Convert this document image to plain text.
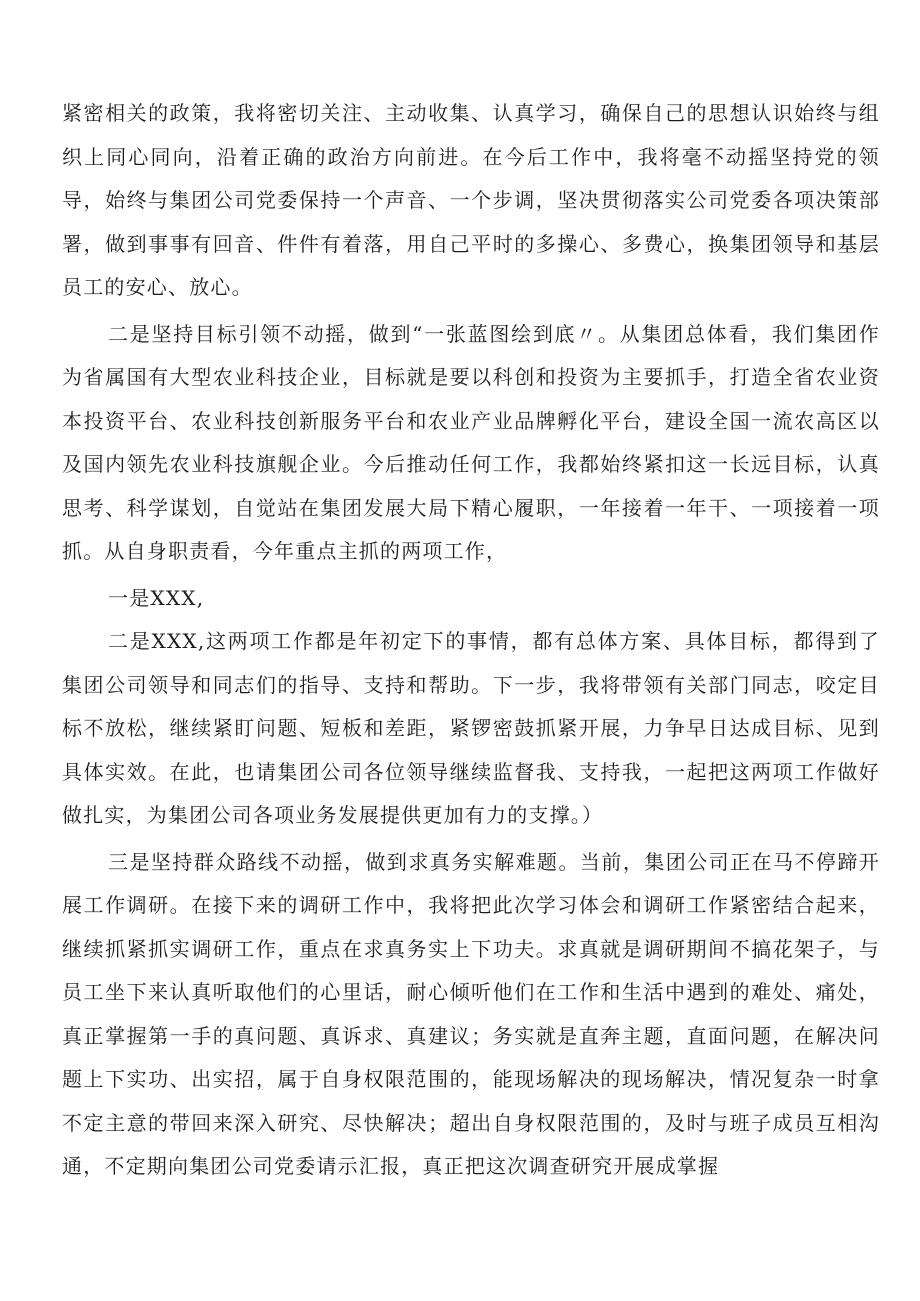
紧密相关的政策，我将密切关注、主动收集、认真学习，确保自己的思想认识始终与组织上同心同向，沿着正确的政治方向前进。在今后工作中，我将毫不动摇坚持党的领导，始终与集团公司党委保持一个声音、一个步调，坚决贯彻落实公司党委各项决策部署，做到事事有回音、件件有着落，用自己平时的多操心、多费心，换集团领导和基层员工的安心、放心。

二是坚持目标引领不动摇，做到“一张蓝图绘到底〃。从集团总体看，我们集团作为省属国有大型农业科技企业，目标就是要以科创和投资为主要抓手，打造全省农业资本投资平台、农业科技创新服务平台和农业产业品牌孵化平台，建设全国一流农高区以及国内领先农业科技旗舰企业。今后推动任何工作，我都始终紧扣这一长远目标，认真思考、科学谋划，自觉站在集团发展大局下精心履职，一年接着一年干、一项接着一项抓。从自身职责看，今年重点主抓的两项工作，

一是XXX,

二是XXX,这两项工作都是年初定下的事情，都有总体方案、具体目标，都得到了集团公司领导和同志们的指导、支持和帮助。下一步，我将带领有关部门同志，咬定目标不放松，继续紧盯问题、短板和差距，紧锣密鼓抓紧开展，力争早日达成目标、见到具体实效。在此，也请集团公司各位领导继续监督我、支持我，一起把这两项工作做好做扎实，为集团公司各项业务发展提供更加有力的支撑。）

三是坚持群众路线不动摇，做到求真务实解难题。当前，集团公司正在马不停蹄开展工作调研。在接下来的调研工作中，我将把此次学习体会和调研工作紧密结合起来，继续抓紧抓实调研工作，重点在求真务实上下功夫。求真就是调研期间不搞花架子，与员工坐下来认真听取他们的心里话，耐心倾听他们在工作和生活中遇到的难处、痛处，真正掌握第一手的真问题、真诉求、真建议；务实就是直奔主题，直面问题，在解决问题上下实功、出实招，属于自身权限范围的，能现场解决的现场解决，情况复杂一时拿不定主意的带回来深入研究、尽快解决；超出自身权限范围的，及时与班子成员互相沟通，不定期向集团公司党委请示汇报，真正把这次调查研究开展成掌握
